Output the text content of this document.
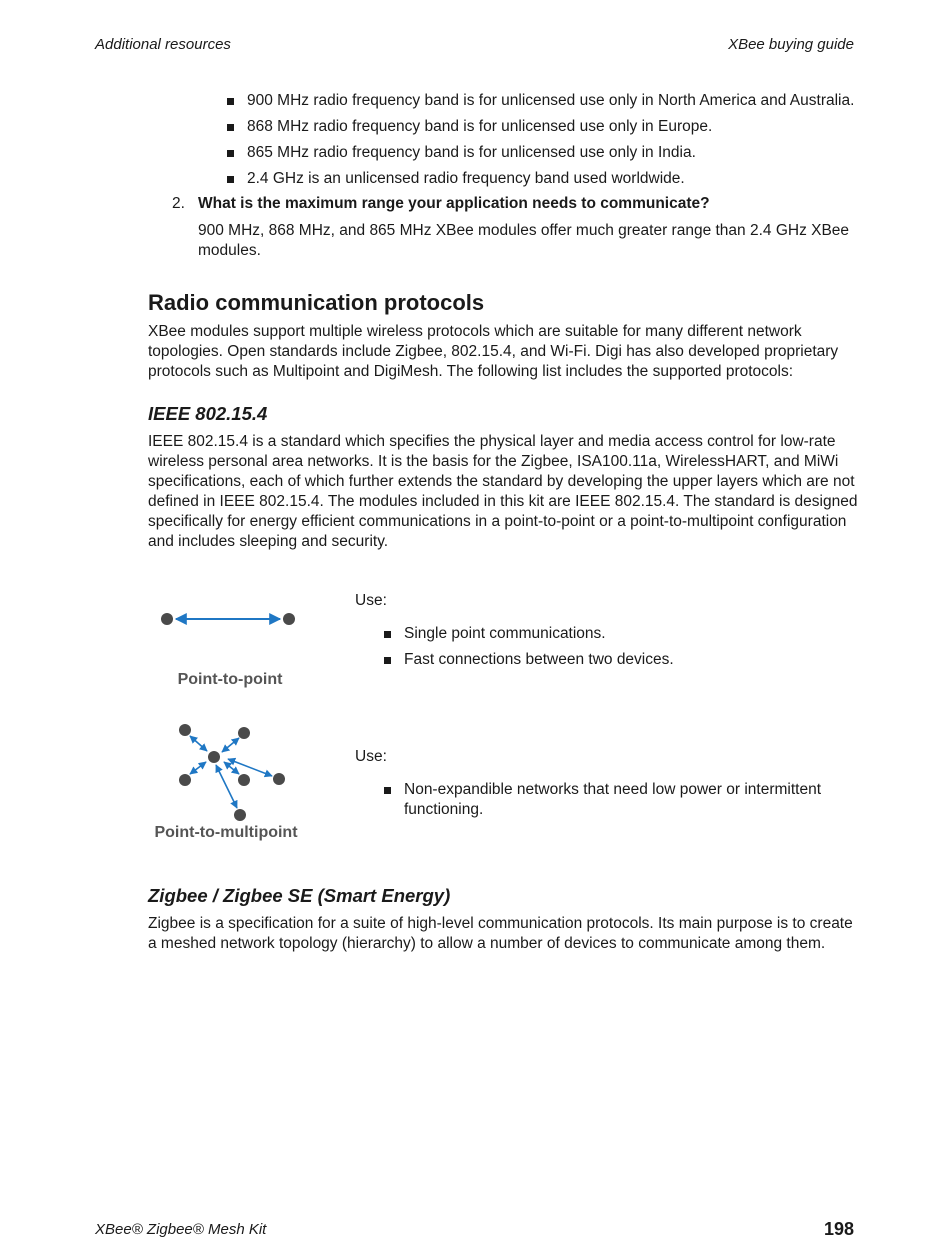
Additional resources	XBee buying guide
900 MHz radio frequency band is for unlicensed use only in North America and Australia.
868 MHz radio frequency band is for unlicensed use only in Europe.
865 MHz radio frequency band is for unlicensed use only in India.
2.4 GHz is an unlicensed radio frequency band used worldwide.
2. What is the maximum range your application needs to communicate?
900 MHz, 868 MHz, and 865 MHz XBee modules offer much greater range than 2.4 GHz XBee modules.
Radio communication protocols
XBee modules support multiple wireless protocols which are suitable for many different network topologies. Open standards include Zigbee, 802.15.4, and Wi-Fi. Digi has also developed proprietary protocols such as Multipoint and DigiMesh. The following list includes the supported protocols:
IEEE 802.15.4
IEEE 802.15.4 is a standard which specifies the physical layer and media access control for low-rate wireless personal area networks. It is the basis for the Zigbee, ISA100.11a, WirelessHART, and MiWi specifications, each of which further extends the standard by developing the upper layers which are not defined in IEEE 802.15.4. The modules included in this kit are IEEE 802.15.4. The standard is designed specifically for energy efficient communications in a point-to-point or a point-to-multipoint configuration and includes sleeping and security.
Point-to-point
Use:
Single point communications.
Fast connections between two devices.
Point-to-multipoint
Use:
Non-expandible networks that need low power or intermittent functioning.
Zigbee / Zigbee SE (Smart Energy)
Zigbee is a specification for a suite of high-level communication protocols. Its main purpose is to create a meshed network topology (hierarchy) to allow a number of devices to communicate among them.
XBee® Zigbee® Mesh Kit	198
